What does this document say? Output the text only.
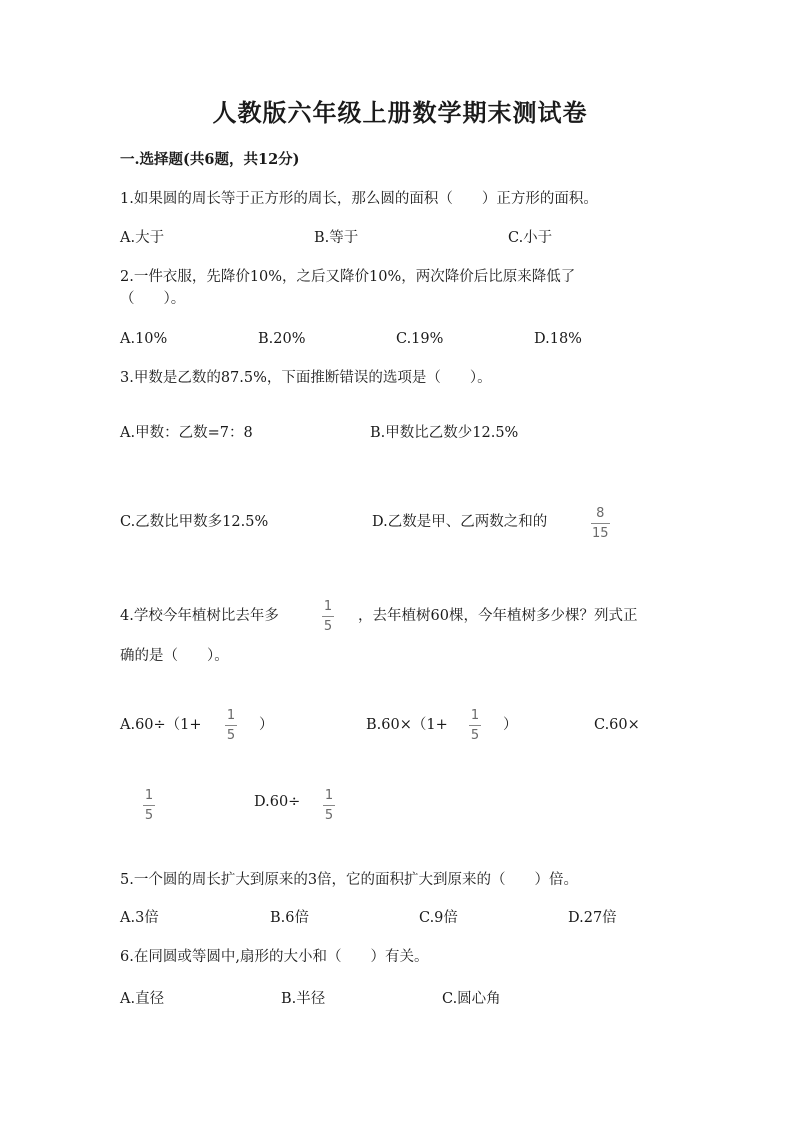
人教版六年级上册数学期末测试卷
一.选择题(共6题，共12分)
1.如果圆的周长等于正方形的周长，那么圆的面积（　　）正方形的面积。
A.大于	B.等于	C.小于
2.一件衣服，先降价10%，之后又降价10%，两次降价后比原来降低了
（　　）。
A.10%	B.20%	C.19%	D.18%
3.甲数是乙数的87.5%，下面推断错误的选项是（　　）。
A.甲数：乙数=7：8	B.甲数比乙数少12.5%
C.乙数比甲数多12.5%	D.乙数是甲、乙两数之和的
8
15
4.学校今年植树比去年多
1
5
，去年植树60棵，今年植树多少棵？列式正
确的是（　　）。
A.60÷（1+
1
5
）	B.60×（1+
1
5
）	C.60×
1
5
D.60÷ 1
5
5.一个圆的周长扩大到原来的3倍，它的面积扩大到原来的（　　）倍。
A.3倍	B.6倍	C.9倍	D.27倍
6.在同圆或等圆中,扇形的大小和（　　）有关。
A.直径	B.半径	C.圆心角
